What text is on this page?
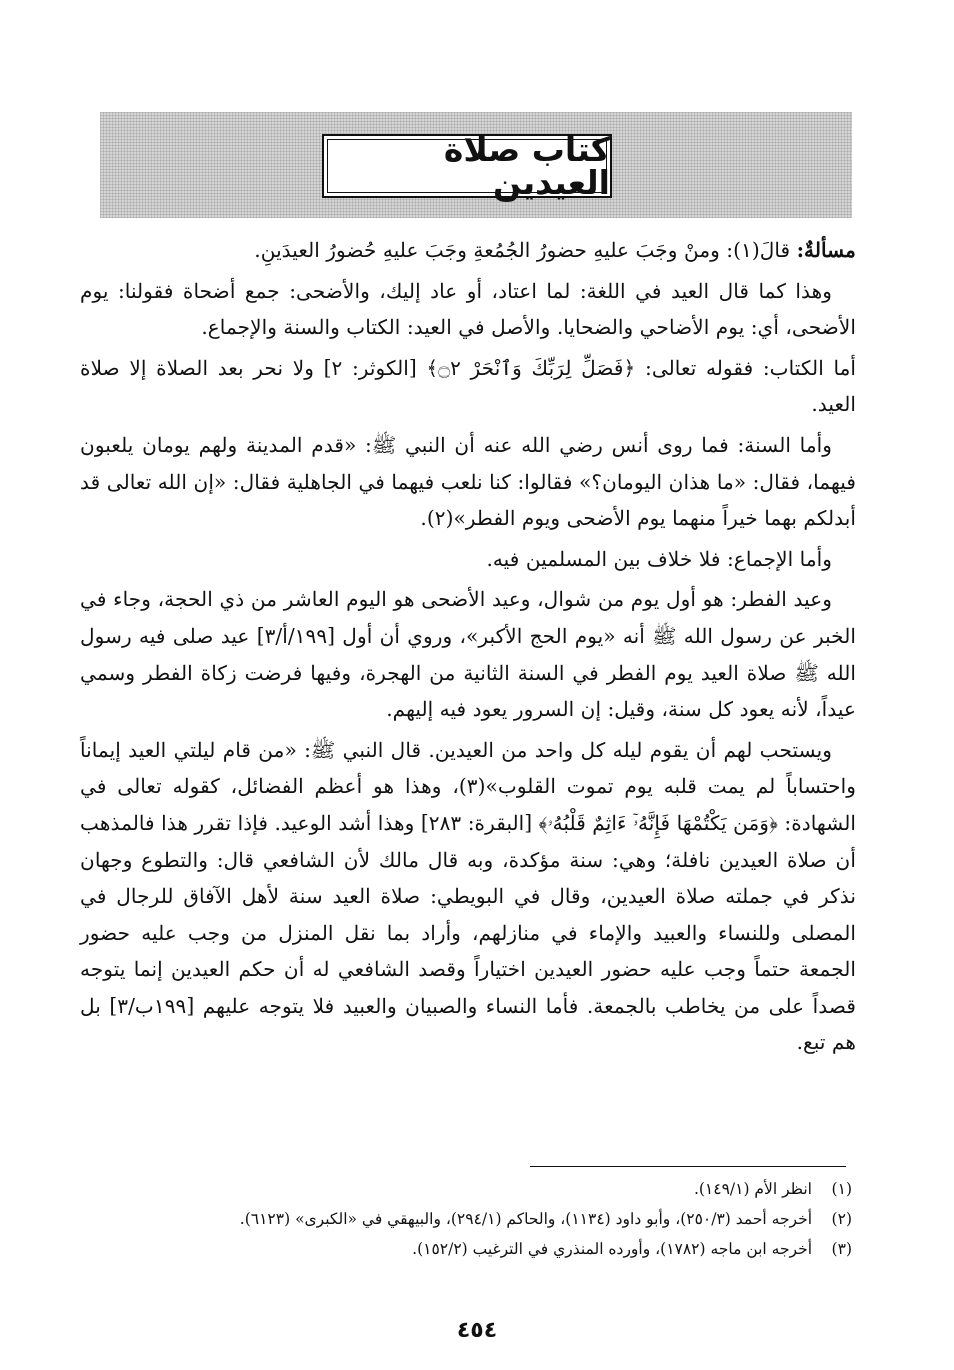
كتاب صلاة العيدين

مسألةٌ: قالَ(١): ومنْ وجَبَ عليهِ حضورُ الجُمُعةِ وجَبَ عليهِ حُضورُ العيدَينِ.

وهذا كما قال العيد في اللغة: لما اعتاد، أو عاد إليك، والأضحى: جمع أضحاة فقولنا: يوم الأضحى، أي: يوم الأضاحي والضحايا. والأصل في العيد: الكتاب والسنة والإجماع.

أما الكتاب: فقوله تعالى: ﴿فَصَلِّ لِرَبِّكَ وَٱنْحَرْ ۝٢﴾ [الكوثر: ٢] ولا نحر بعد الصلاة إلا صلاة العيد.

وأما السنة: فما روى أنس رضي الله عنه أن النبي ﷺ: «قدم المدينة ولهم يومان يلعبون فيهما، فقال: «ما هذان اليومان؟» فقالوا: كنا نلعب فيهما في الجاهلية فقال: «إن الله تعالى قد أبدلكم بهما خيراً منهما يوم الأضحى ويوم الفطر»(٢).

وأما الإجماع: فلا خلاف بين المسلمين فيه.

وعيد الفطر: هو أول يوم من شوال، وعيد الأضحى هو اليوم العاشر من ذي الحجة، وجاء في الخبر عن رسول الله ﷺ أنه «يوم الحج الأكبر»، وروي أن أول [١٩٩/أ/٣] عيد صلى فيه رسول الله ﷺ صلاة العيد يوم الفطر في السنة الثانية من الهجرة، وفيها فرضت زكاة الفطر وسمي عيداً، لأنه يعود كل سنة، وقيل: إن السرور يعود فيه إليهم.

ويستحب لهم أن يقوم ليله كل واحد من العيدين. قال النبي ﷺ: «من قام ليلتي العيد إيماناً واحتساباً لم يمت قلبه يوم تموت القلوب»(٣)، وهذا هو أعظم الفضائل، كقوله تعالى في الشهادة: ﴿وَمَن يَكْتُمْهَا فَإِنَّهُۥٓ ءَاثِمٌ قَلْبُهُۥ﴾ [البقرة: ٢٨٣] وهذا أشد الوعيد. فإذا تقرر هذا فالمذهب أن صلاة العيدين نافلة؛ وهي: سنة مؤكدة، وبه قال مالك لأن الشافعي قال: والتطوع وجهان نذكر في جملته صلاة العيدين، وقال في البويطي: صلاة العيد سنة لأهل الآفاق للرجال في المصلى وللنساء والعبيد والإماء في منازلهم، وأراد بما نقل المنزل من وجب عليه حضور الجمعة حتماً وجب عليه حضور العيدين اختياراً وقصد الشافعي له أن حكم العيدين إنما يتوجه قصداً على من يخاطب بالجمعة. فأما النساء والصبيان والعبيد فلا يتوجه عليهم [١٩٩ب/٣] بل هم تبع.

(١)
انظر الأم (١٤٩/١).
(٢)
أخرجه أحمد (٢٥٠/٣)، وأبو داود (١١٣٤)، والحاكم (٢٩٤/١)، والبيهقي في «الكبرى» (٦١٢٣).
(٣)
أخرجه ابن ماجه (١٧٨٢)، وأورده المنذري في الترغيب (١٥٢/٢).
٤٥٤
